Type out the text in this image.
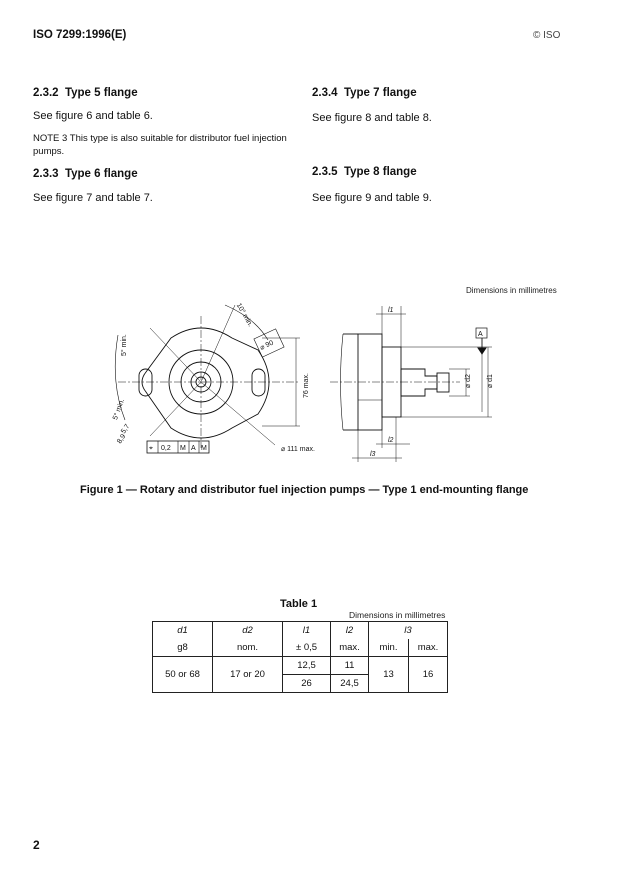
ISO 7299:1996(E)	© ISO
2.3.2 Type 5 flange
See figure 6 and table 6.
NOTE 3 This type is also suitable for distributor fuel injection pumps.
2.3.3 Type 6 flange
See figure 7 and table 7.
2.3.4 Type 7 flange
See figure 8 and table 8.
2.3.5 Type 8 flange
See figure 9 and table 9.
Dimensions in millimetres
10° min.
5° min.
5° min.
5,7
8,9
⌀ 90
76 max.
⌀ 111 max.
⌖ 0,2 M A M
A
l1
l2
l3
⌀ d2 ⌀ d1
Figure 1 — Rotary and distributor fuel injection pumps — Type 1 end-mounting flange
Table 1
Dimensions in millimetres
d1	d2	l1	l2	l3	
g8	nom.	± 0,5	max.	min.	max.
50 or 68	17 or 20	12,5	11	13	16
		26	24,5		
2
